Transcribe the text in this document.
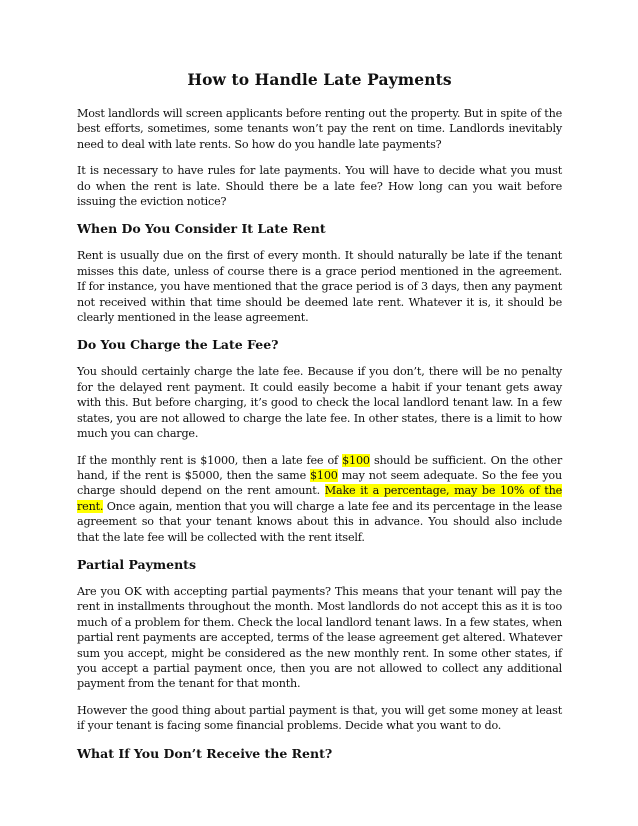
How to Handle Late Payments

Most landlords will screen applicants before renting out the property. But in spite of the best efforts, sometimes, some tenants won’t pay the rent on time. Landlords inevitably need to deal with late rents. So how do you handle late payments?

It is necessary to have rules for late payments. You will have to decide what you must do when the rent is late. Should there be a late fee? How long can you wait before issuing the eviction notice?

When Do You Consider It Late Rent

Rent is usually due on the first of every month. It should naturally be late if the tenant misses this date, unless of course there is a grace period mentioned in the agreement. If for instance, you have mentioned that the grace period is of 3 days, then any payment not received within that time should be deemed late rent. Whatever it is, it should be clearly mentioned in the lease agreement.

Do You Charge the Late Fee?

You should certainly charge the late fee. Because if you don’t, there will be no penalty for the delayed rent payment. It could easily become a habit if your tenant gets away with this. But before charging, it’s good to check the local landlord tenant law. In a few states, you are not allowed to charge the late fee. In other states, there is a limit to how much you can charge.

If the monthly rent is $1000, then a late fee of $100 should be sufficient. On the other hand, if the rent is $5000, then the same $100 may not seem adequate. So the fee you charge should depend on the rent amount. Make it a percentage, may be 10% of the rent. Once again, mention that you will charge a late fee and its percentage in the lease agreement so that your tenant knows about this in advance. You should also include that the late fee will be collected with the rent itself.

Partial Payments

Are you OK with accepting partial payments? This means that your tenant will pay the rent in installments throughout the month. Most landlords do not accept this as it is too much of a problem for them. Check the local landlord tenant laws. In a few states, when partial rent payments are accepted, terms of the lease agreement get altered. Whatever sum you accept, might be considered as the new monthly rent. In some other states, if you accept a partial payment once, then you are not allowed to collect any additional payment from the tenant for that month.

However the good thing about partial payment is that, you will get some money at least if your tenant is facing some financial problems. Decide what you want to do.

What If You Don’t Receive the Rent?
